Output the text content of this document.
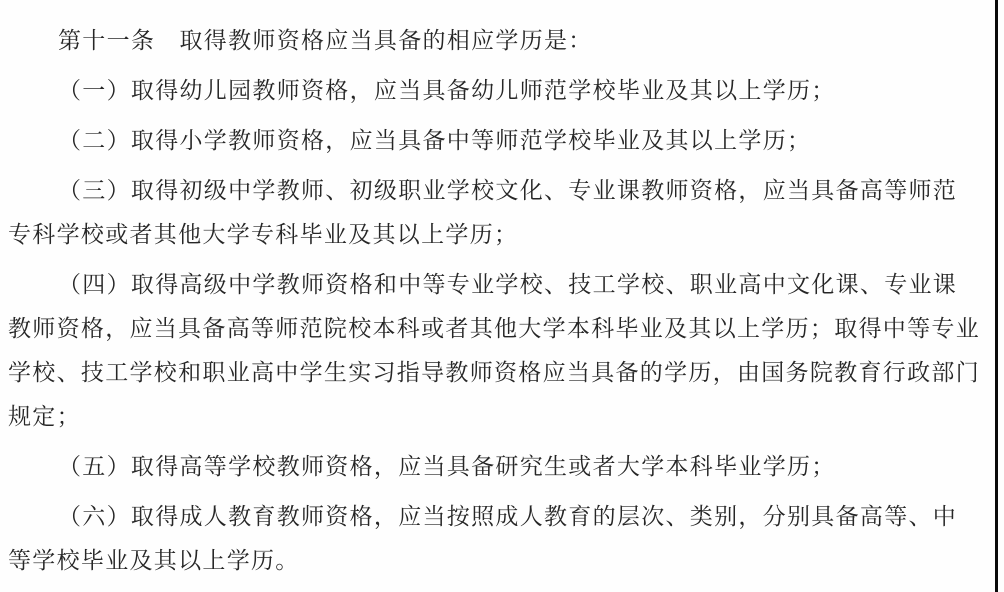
第十一条　取得教师资格应当具备的相应学历是：
（一）取得幼儿园教师资格，应当具备幼儿师范学校毕业及其以上学历；
（二）取得小学教师资格，应当具备中等师范学校毕业及其以上学历；
（三）取得初级中学教师、初级职业学校文化、专业课教师资格，应当具备高等师范
专科学校或者其他大学专科毕业及其以上学历；
（四）取得高级中学教师资格和中等专业学校、技工学校、职业高中文化课、专业课
教师资格，应当具备高等师范院校本科或者其他大学本科毕业及其以上学历；取得中等专业
学校、技工学校和职业高中学生实习指导教师资格应当具备的学历，由国务院教育行政部门
规定；
（五）取得高等学校教师资格，应当具备研究生或者大学本科毕业学历；
（六）取得成人教育教师资格，应当按照成人教育的层次、类别，分别具备高等、中
等学校毕业及其以上学历。
